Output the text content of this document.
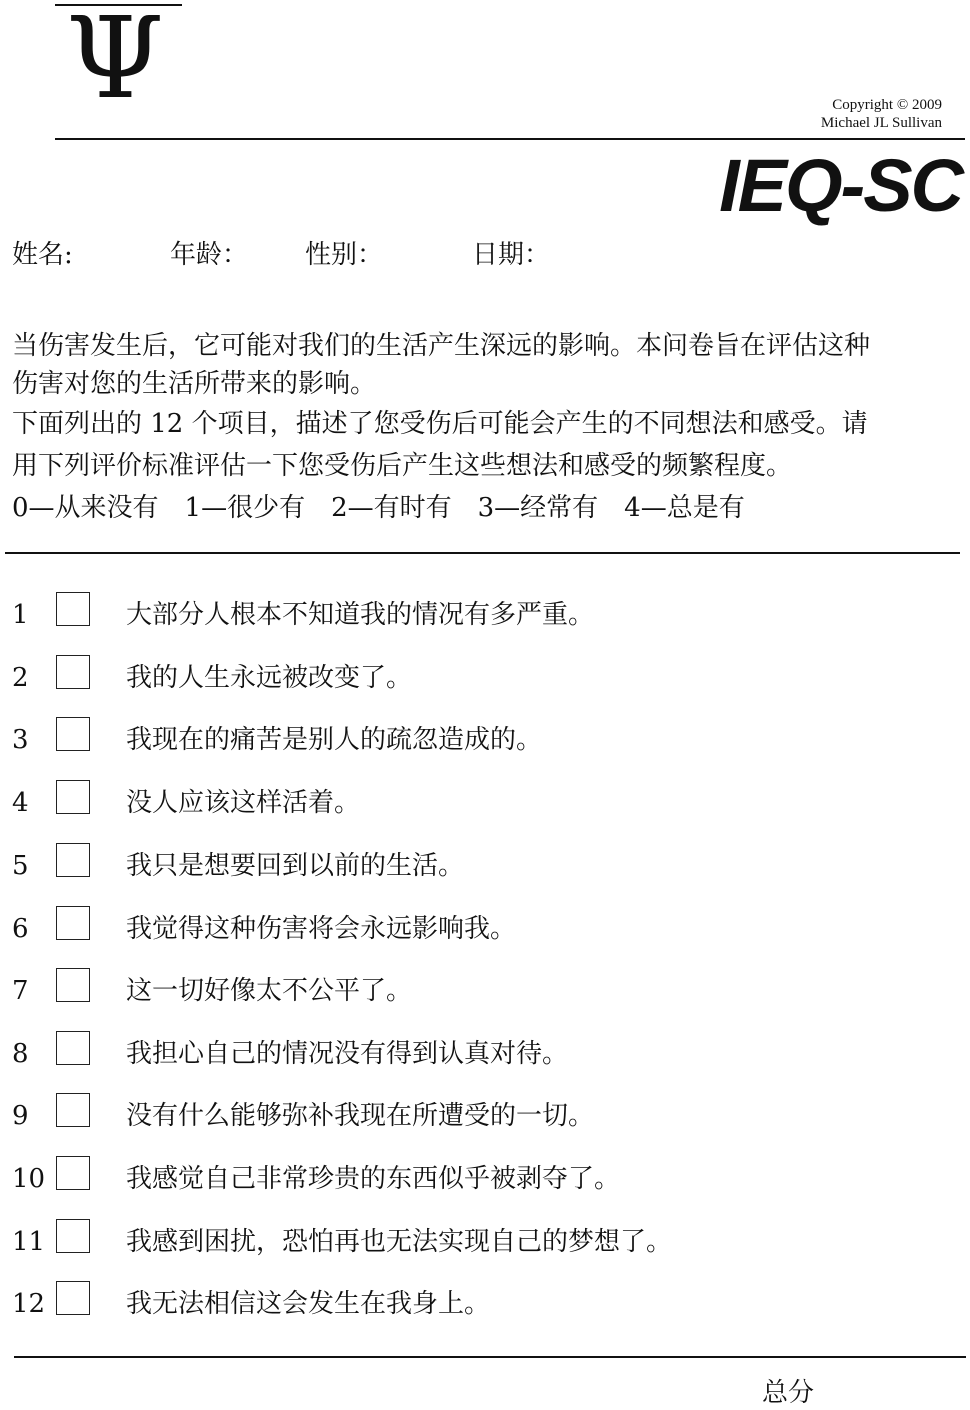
Ψ	Copyright © 2009
Michael JL Sullivan
IEQ-SC
姓名:	年龄： 性别：	日期：
当伤害发生后，它可能对我们的生活产生深远的影响。本问卷旨在评估这种
伤害对您的生活所带来的影响。
下面列出的 12 个项目，描述了您受伤后可能会产生的不同想法和感受。请
用下列评价标准评估一下您受伤后产生这些想法和感受的频繁程度。
0—从来没有　1—很少有　2—有时有　3—经常有　4—总是有
1	大部分人根本不知道我的情况有多严重。
2	我的人生永远被改变了。
3	我现在的痛苦是别人的疏忽造成的。
4	没人应该这样活着。
5	我只是想要回到以前的生活。
6	我觉得这种伤害将会永远影响我。
7	这一切好像太不公平了。
8	我担心自己的情况没有得到认真对待。
9	没有什么能够弥补我现在所遭受的一切。
10	我感觉自己非常珍贵的东西似乎被剥夺了。
11	我感到困扰，恐怕再也无法实现自己的梦想了。
12	我无法相信这会发生在我身上。
总分
